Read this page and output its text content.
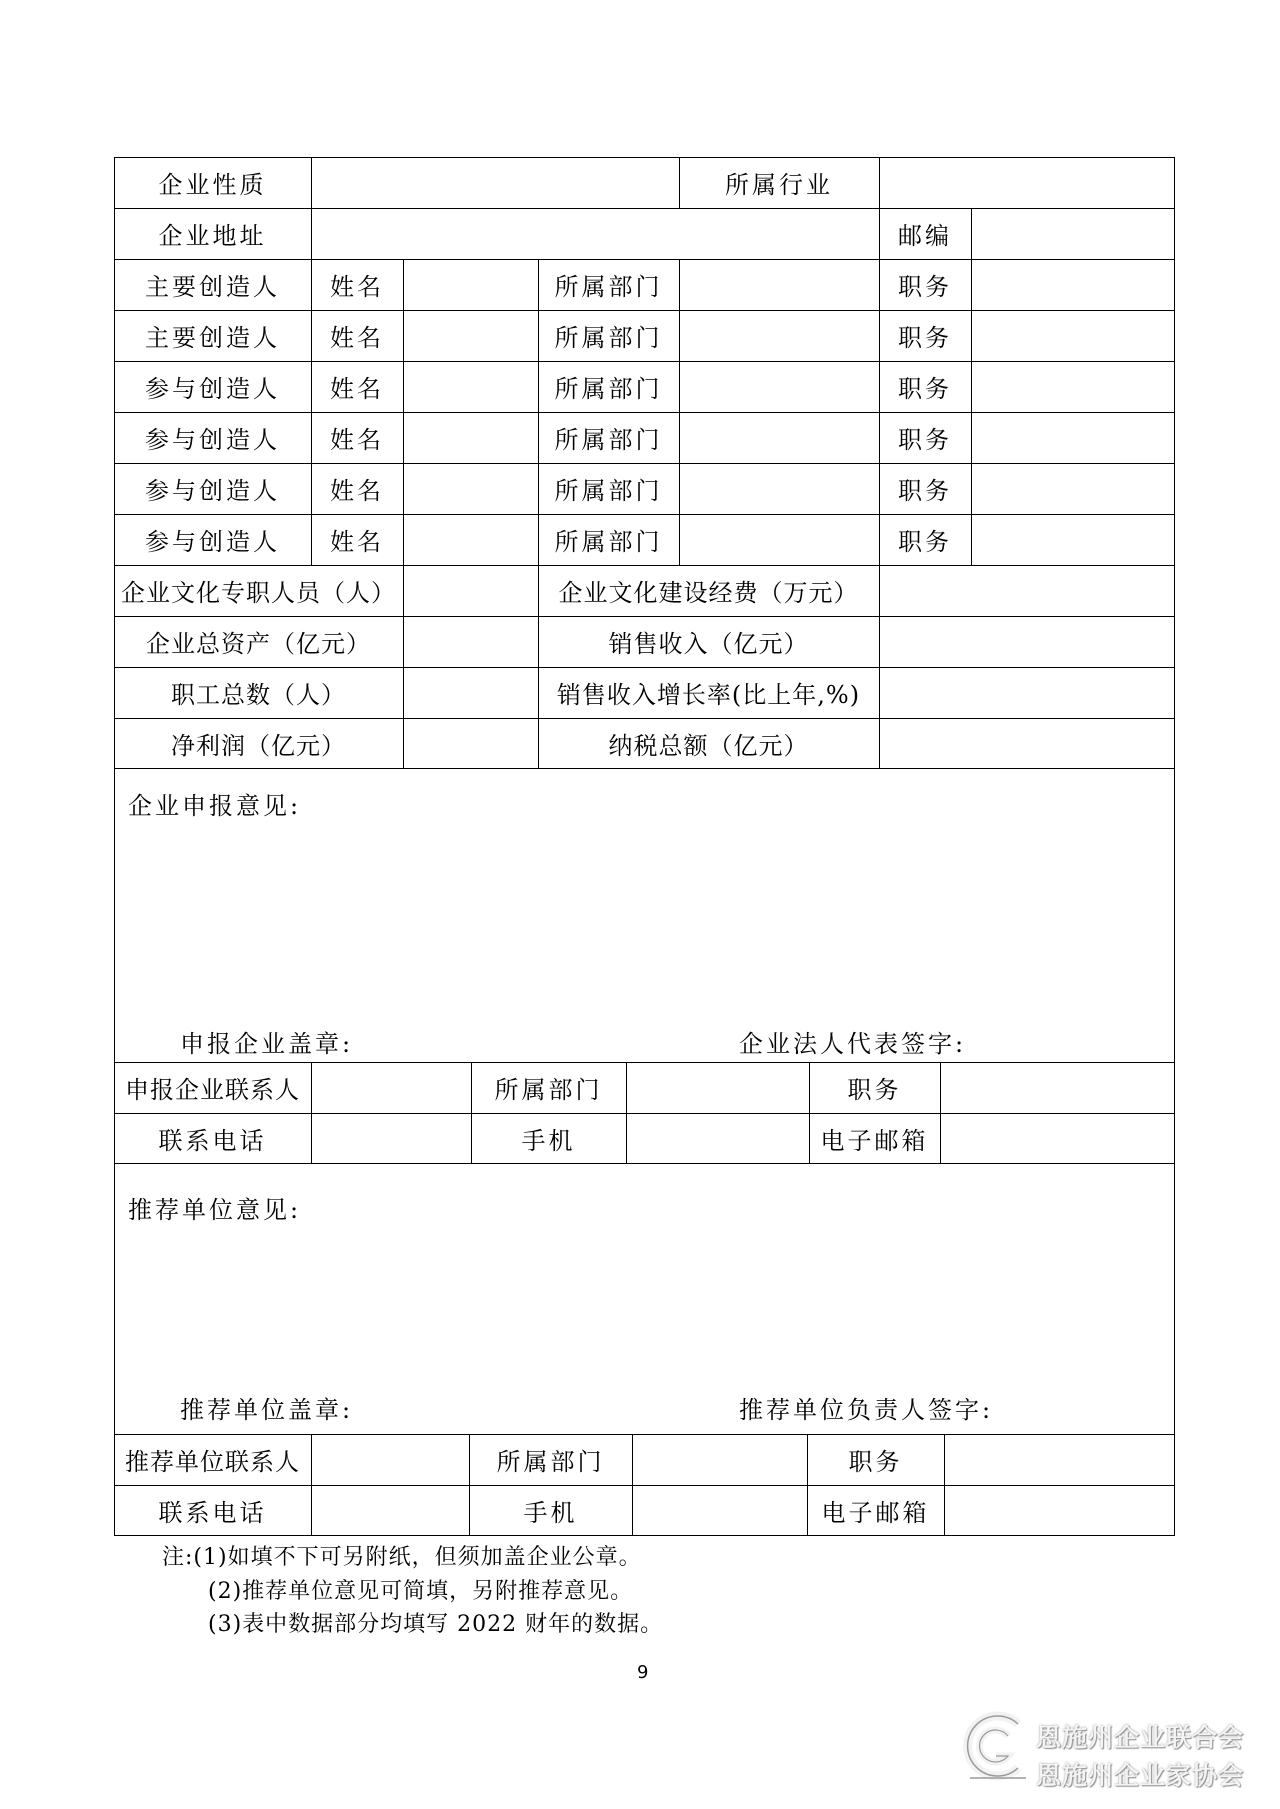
企业性质	所属行业
企业地址	邮编
主要创造人	姓名	所属部门	职务
主要创造人	姓名	所属部门	职务
参与创造人	姓名	所属部门	职务
参与创造人	姓名	所属部门	职务
参与创造人	姓名	所属部门	职务
参与创造人	姓名	所属部门	职务
企业文化专职人员（人）	企业文化建设经费（万元）
企业总资产（亿元）	销售收入（亿元）
职工总数（人）	销售收入增长率(比上年,%)
净利润（亿元）	纳税总额（亿元）
企业申报意见:
申报企业盖章:	企业法人代表签字:
申报企业联系人	所属部门	职务
联系电话	手机	电子邮箱
推荐单位意见:
推荐单位盖章:	推荐单位负责人签字:
推荐单位联系人	所属部门	职务
联系电话	手机	电子邮箱
注:(1)如填不下可另附纸，但须加盖企业公章。
(2)推荐单位意见可简填，另附推荐意见。
(3)表中数据部分均填写 2022 财年的数据。
9
恩施州企业联合会
恩施州企业家协会
